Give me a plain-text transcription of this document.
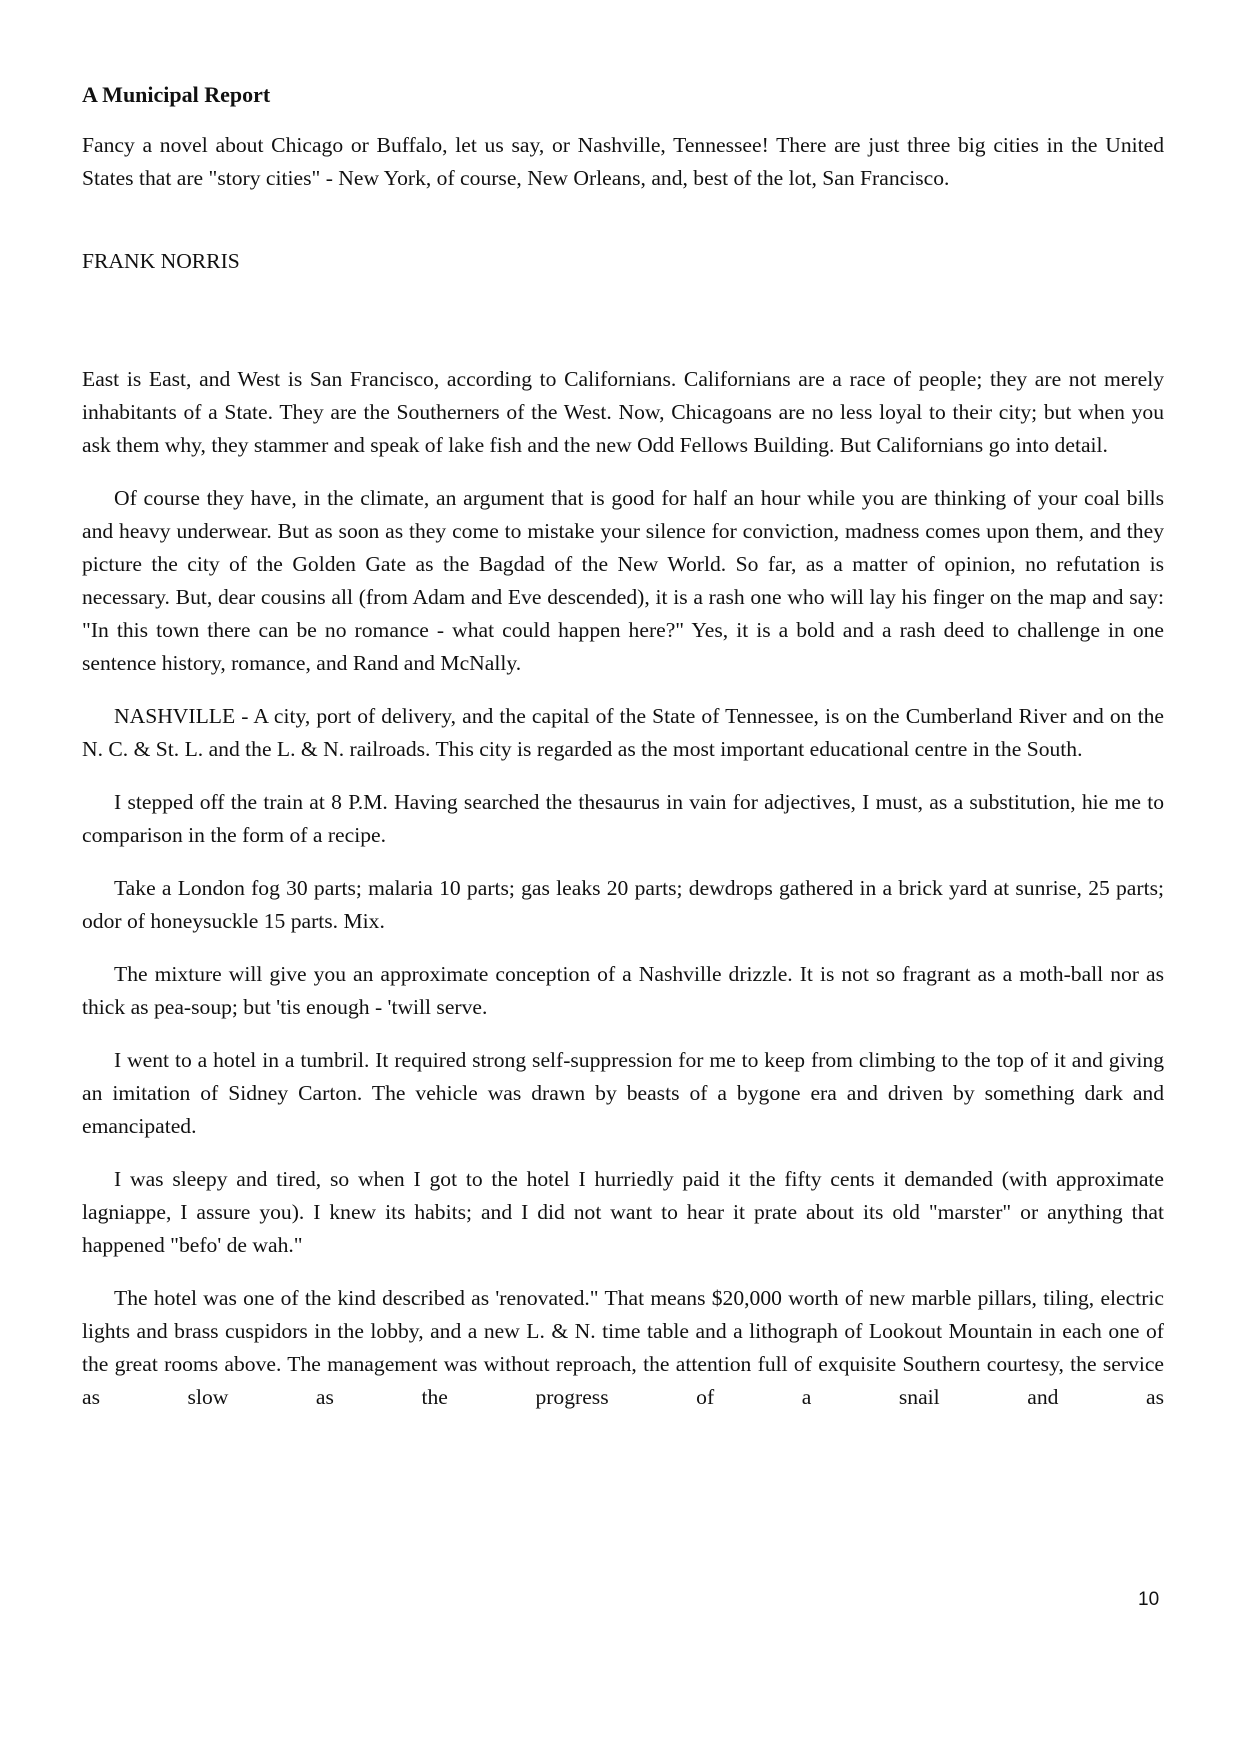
A Municipal Report

Fancy a novel about Chicago or Buffalo, let us say, or Nashville, Tennessee! There are just three big cities in the United States that are "story cities" - New York, of course, New Orleans, and, best of the lot, San Francisco.

FRANK NORRIS

East is East, and West is San Francisco, according to Californians. Californians are a race of people; they are not merely inhabitants of a State. They are the Southerners of the West. Now, Chicagoans are no less loyal to their city; but when you ask them why, they stammer and speak of lake fish and the new Odd Fellows Building. But Californians go into detail.

Of course they have, in the climate, an argument that is good for half an hour while you are thinking of your coal bills and heavy underwear. But as soon as they come to mistake your silence for conviction, madness comes upon them, and they picture the city of the Golden Gate as the Bagdad of the New World. So far, as a matter of opinion, no refutation is necessary. But, dear cousins all (from Adam and Eve descended), it is a rash one who will lay his finger on the map and say: "In this town there can be no romance - what could happen here?" Yes, it is a bold and a rash deed to challenge in one sentence history, romance, and Rand and McNally.

NASHVILLE - A city, port of delivery, and the capital of the State of Tennessee, is on the Cumberland River and on the N. C. & St. L. and the L. & N. railroads. This city is regarded as the most important educational centre in the South.

I stepped off the train at 8 P.M. Having searched the thesaurus in vain for adjectives, I must, as a substitution, hie me to comparison in the form of a recipe.

Take a London fog 30 parts; malaria 10 parts; gas leaks 20 parts; dewdrops gathered in a brick yard at sunrise, 25 parts; odor of honeysuckle 15 parts. Mix.

The mixture will give you an approximate conception of a Nashville drizzle. It is not so fragrant as a moth-ball nor as thick as pea-soup; but 'tis enough - 'twill serve.

I went to a hotel in a tumbril. It required strong self-suppression for me to keep from climbing to the top of it and giving an imitation of Sidney Carton. The vehicle was drawn by beasts of a bygone era and driven by something dark and emancipated.

I was sleepy and tired, so when I got to the hotel I hurriedly paid it the fifty cents it demanded (with approximate lagniappe, I assure you). I knew its habits; and I did not want to hear it prate about its old "marster" or anything that happened "befo' de wah."

The hotel was one of the kind described as 'renovated." That means $20,000 worth of new marble pillars, tiling, electric lights and brass cuspidors in the lobby, and a new L. & N. time table and a lithograph of Lookout Mountain in each one of the great rooms above. The management was without reproach, the attention full of exquisite Southern courtesy, the service as slow as the progress of a snail and as

10
